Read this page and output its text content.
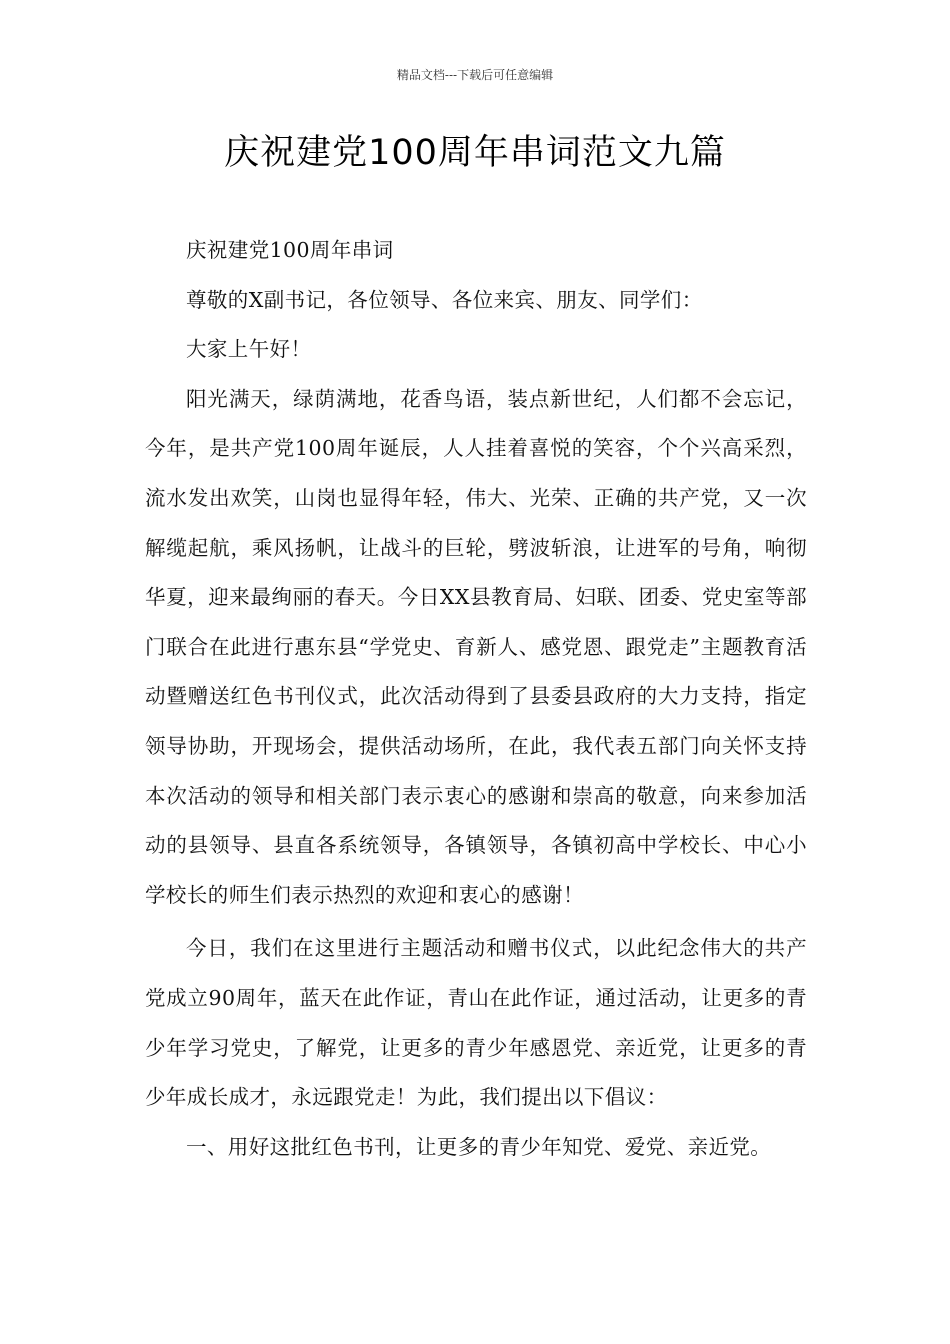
精品文档---下载后可任意编辑
庆祝建党100周年串词范文九篇

庆祝建党100周年串词

尊敬的X副书记，各位领导、各位来宾、朋友、同学们：

大家上午好！

阳光满天，绿荫满地，花香鸟语，装点新世纪，人们都不会忘记，今年，是共产党100周年诞辰，人人挂着喜悦的笑容，个个兴高采烈，流水发出欢笑，山岗也显得年轻，伟大、光荣、正确的共产党，又一次解缆起航，乘风扬帆，让战斗的巨轮，劈波斩浪，让进军的号角，响彻华夏，迎来最绚丽的春天。今日XX县教育局、妇联、团委、党史室等部门联合在此进行惠东县“学党史、育新人、感党恩、跟党走”主题教育活动暨赠送红色书刊仪式，此次活动得到了县委县政府的大力支持，指定领导协助，开现场会，提供活动场所，在此，我代表五部门向关怀支持本次活动的领导和相关部门表示衷心的感谢和崇高的敬意，向来参加活动的县领导、县直各系统领导，各镇领导，各镇初高中学校长、中心小学校长的师生们表示热烈的欢迎和衷心的感谢！

今日，我们在这里进行主题活动和赠书仪式，以此纪念伟大的共产党成立90周年，蓝天在此作证，青山在此作证，通过活动，让更多的青少年学习党史，了解党，让更多的青少年感恩党、亲近党，让更多的青少年成长成才，永远跟党走！为此，我们提出以下倡议：

一、用好这批红色书刊，让更多的青少年知党、爱党、亲近党。
